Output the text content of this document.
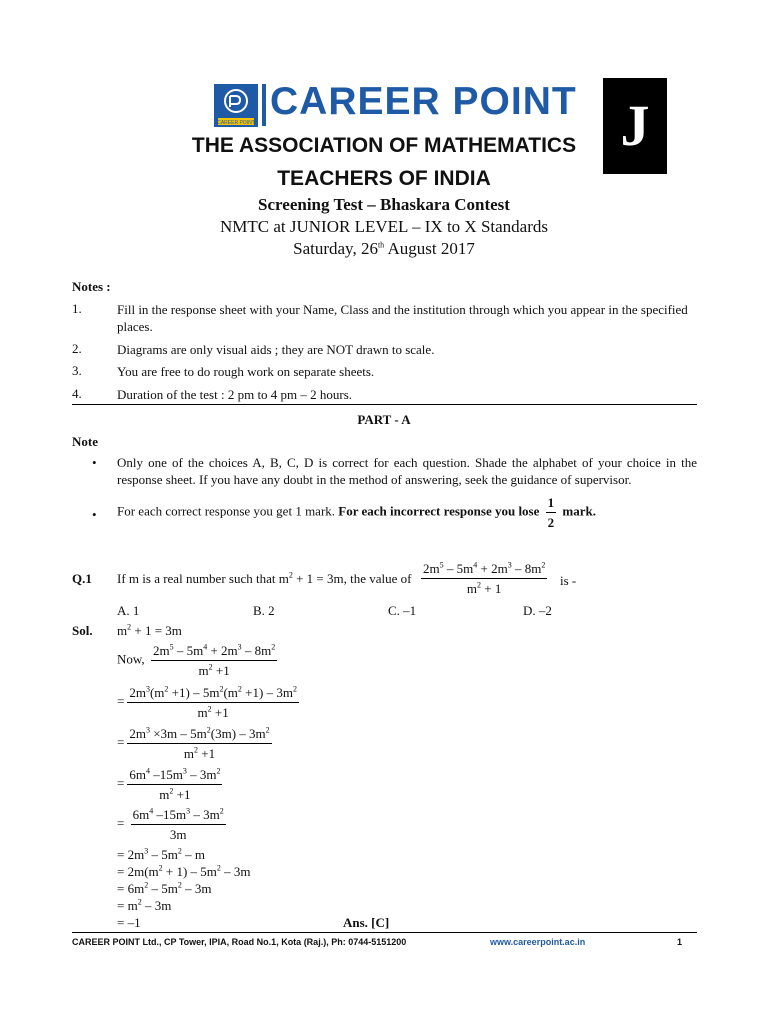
CAREER POINT CAREER POINT J
THE ASSOCIATION OF MATHEMATICS
TEACHERS OF INDIA
Screening Test – Bhaskara Contest
NMTC at JUNIOR LEVEL – IX to X Standards
Saturday, 26th August 2017
Notes :
1.	Fill in the response sheet with your Name, Class and the institution through which you appear in the specified places.
2.	Diagrams are only visual aids ; they are NOT drawn to scale.
3.	You are free to do rough work on separate sheets.
4.	Duration of the test : 2 pm to 4 pm – 2 hours.
PART - A
Note
• Only one of the choices A, B, C, D is correct for each question. Shade the alphabet of your choice in the response sheet. If you have any doubt in the method of answering, seek the guidance of supervisor.
• For each correct response you get 1 mark. For each incorrect response you lose $\frac{1}{2}$ mark.
Q.1 If m is a real number such that $m^2 + 1 = 3m$, the value of $\frac{2m^5 - 5m^4 + 2m^3 - 8m^2}{m^2 + 1}$ is -
A. 1	B. 2	C. –1	D. –2
Sol. $m^2 + 1 = 3m$
Now, $\frac{2m^5 - 5m^4 + 2m^3 - 8m^2}{m^2 +1}$
= $\frac{2m^3(m^2 +1) - 5m^2(m^2 +1) - 3m^2}{m^2 +1}$
= $\frac{2m^3 \times 3m - 5m^2(3m) - 3m^2}{m^2 +1}$
= $\frac{6m^4 -15m^3 - 3m^2}{m^2 +1}$
= $\frac{6m^4 -15m^3 - 3m^2}{3m}$
= $2m^3 - 5m^2$ – m
= $2m(m^2 + 1) - 5m^2 - 3m$
= $6m^2 - 5m^2 - 3m$
= $m^2 - 3m$
= –1	Ans. [C]
CAREER POINT Ltd., CP Tower, IPIA, Road No.1, Kota (Raj.), Ph: 0744-5151200	www.careerpoint.ac.in	1
